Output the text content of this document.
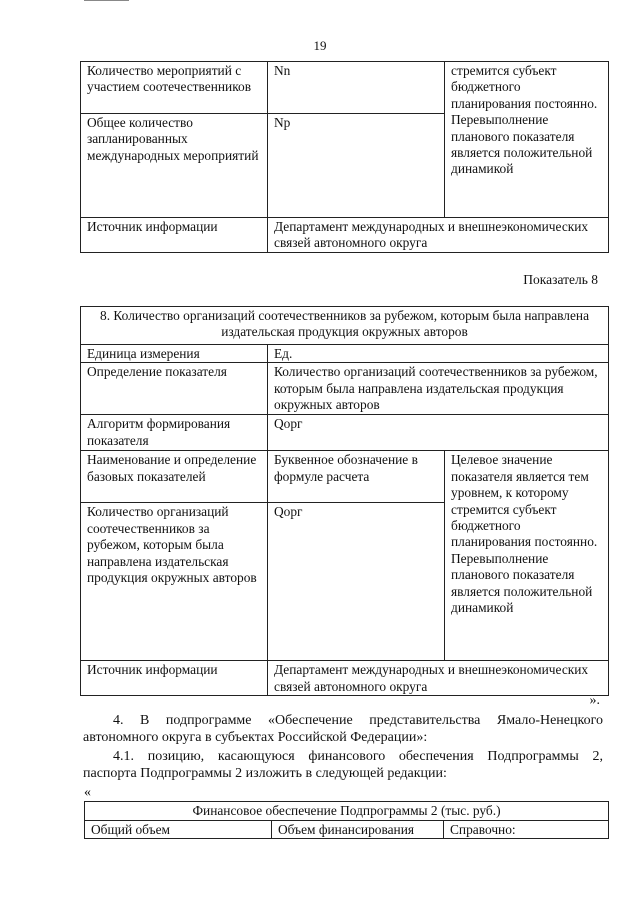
19
Количество мероприятий с участием соотечественников	Nn	стремится субъект бюджетного планирования постоянно. Перевыполнение планового показателя является положительной динамикой
Общее количество запланированных международных мероприятий	Np	
Источник информации	Департамент международных и внешнеэкономических связей автономного округа	
Показатель 8
8. Количество организаций соотечественников за рубежом, которым была направлена издательская продукция окружных авторов		
Единица измерения	Ед.	
Определение показателя	Количество организаций соотечественников за рубежом, которым была направлена издательская продукция окружных авторов	
Алгоритм формирования показателя	Qорг	
Наименование и определение базовых показателей	Буквенное обозначение в формуле расчета	Целевое значение показателя является тем уровнем, к которому стремится субъект бюджетного планирования постоянно. Перевыполнение планового показателя является положительной динамикой
Количество организаций соотечественников за рубежом, которым была направлена издательская продукция окружных авторов	Qорг	
Источник информации	Департамент международных и внешнеэкономических связей автономного округа	
».
4. В подпрограмме «Обеспечение представительства Ямало-Ненецкого
автономного округа в субъектах Российской Федерации»:
4.1. позицию, касающуюся финансового обеспечения Подпрограммы 2,
паспорта Подпрограммы 2 изложить в следующей редакции:
«
Финансовое обеспечение Подпрограммы 2 (тыс. руб.)
Общий объем	Объем финансирования	Справочно:
